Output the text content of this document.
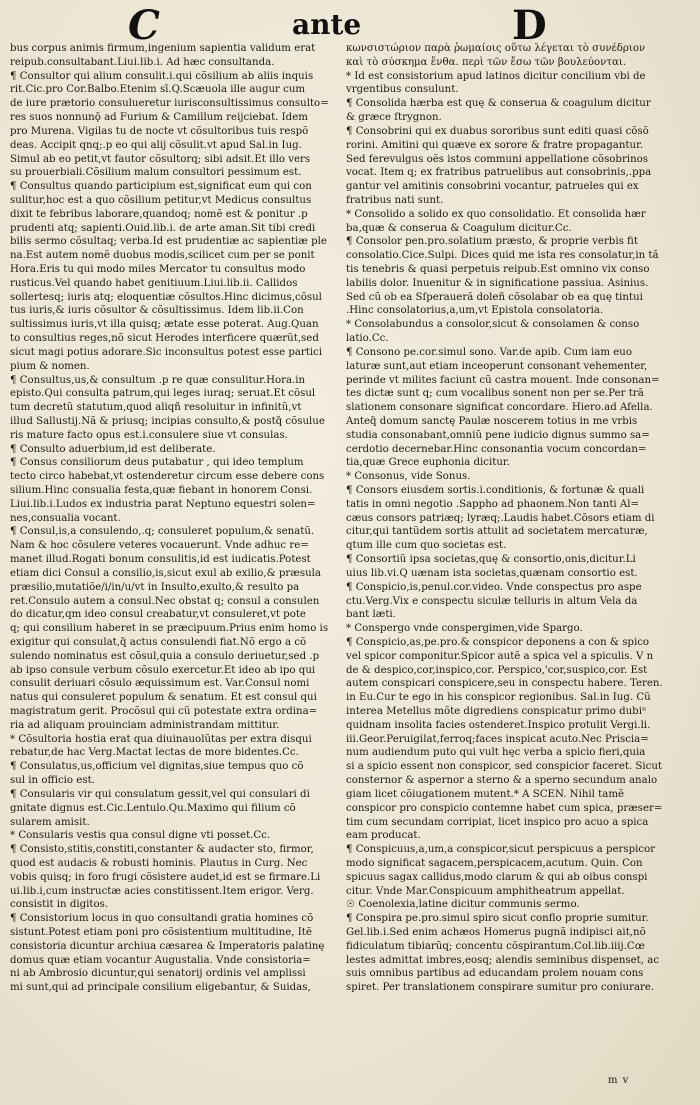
C	ante	D

bus corpus animis firmum,ingenium sapientia validum erat

reipub.consultabant.Liui.lib.i. Ad hæc consultanda.

¶ Consultor qui alium consulit.i.qui cõsilium ab aliis inquis

rit.Cic.pro Cor.Balbo.Etenim sī.Q.Scæuola ille augur cum

de iure prætorio consulueretur iurisconsultissimus consulto=

res suos nonnunǭ ad Furium & Camillum reijciebat. Idem

pro Murena. Vigilas tu de nocte vt cõsultoribus tuis respõ

deas. Accipit qnq;.p eo qui alij cõsulit.vt apud Sal.in Iug.

Simul ab eo petit,vt fautor cõsultorq; sibi adsit.Et illo vers

su prouerbiali.Cõsilium malum consultori pessimum est.

¶ Consultus quando participium est,significat eum qui con

sulitur,hoc est a quo cõsilium petitur,vt Medicus consultus

dixit te febribus laborare,quandoq; nomẽ est & ponitur .p

prudenti atq; sapienti.Ouid.lib.i. de arte aman.Sit tibi credi

bilis sermo cõsultaq; verba.Id est prudentiæ ac sapientiæ ple

na.Est autem nomẽ duobus modis,scilicet cum per se ponit

Hora.Eris tu qui modo miles Mercator tu consultus modo

rusticus.Vel quando habet genitiuum.Liui.lib.ii. Callidos

sollertesq; iuris atq; eloquentiæ cõsultos.Hinc dicimus,cõsul

tus iuris,& iuris cõsultor & cõsultissimus. Idem lib.ii.Con

sultissimus iuris,vt illa quisq; ætate esse poterat. Aug.Quan

to consultius reges,nõ sicut Herodes interficere quærũt,sed

sicut magi potius adorare.Sic inconsultus potest esse partici

pium & nomen.

¶ Consultus,us,& consultum .p re quæ consulitur.Hora.in

episto.Qui consulta patrum,qui leges iuraq; seruat.Et cõsul

tum decretũ statutum,quod aliqñ resoluitur in infinitũ,vt

illud Sallustij.Nã & priusq; incipias consulto,& postq̃ cõsulue

ris mature facto opus est.i.consulere siue vt consulas.

¶ Consulto aduerbium,id est deliberate.

¶ Consus consiliorum deus putabatur , qui ideo templum

tecto circo habebat,vt ostenderetur circum esse debere cons

silium.Hinc consualia festa,quæ fiebant in honorem Consi.

Liui.lib.i.Ludos ex industria parat Neptuno equestri solen=

nes,consualia vocant.

¶ Consul,is,a consulendo,.q; consuleret populum,& senatũ.

Nam & hoc cõsulere veteres vocauerunt. Vnde adhuc re=

manet illud.Rogati bonum consulitis,id est iudicatis.Potest

etiam dici Consul a consilio,is,sicut exul ab exilio,& præsula

præsilio,mutatiõe/i/in/u/vt in Insulto,exulto,& resulto pa

ret.Consulo autem a consul.Nec obstat q; consul a consulen

do dicatur,qm ideo consul creabatur,vt consuleret,vt pote

q; qui consilium haberet in se præcipuum.Prius enim homo is

exigitur qui consulat,q̃ actus consulendi fiat.Nõ ergo a cõ

sulendo nominatus est cõsul,quia a consulo deriuetur,sed .p

ab ipso consule verbum cõsulo exercetur.Et ideo ab ipo qui

consulit deriuari cõsulo æquissimum est. Var.Consul nomi

natus qui consuleret populum & senatum. Et est consul qui

magistratum gerit. Procõsul qui cũ potestate extra ordina=

ria ad aliquam prouinciam administrandam mittitur.

* Cõsultoria hostia erat qua diuinauolũtas per extra disqui

rebatur,de hac Verg.Mactat lectas de more bidentes.Cc.

¶ Consulatus,us,officium vel dignitas,siue tempus quo cõ

sul in officio est.

¶ Consularis vir qui consulatum gessit,vel qui consulari di

gnitate dignus est.Cic.Lentulo.Qu.Maximo qui filium cõ

sularem amisit.

* Consularis vestis qua consul digne vti posset.Cc.

¶ Consisto,stitis,constiti,constanter & audacter sto, firmor,

quod est audacis & robusti hominis. Plautus in Curg. Nec

vobis quisq; in foro frugi cõsistere audet,id est se firmare.Li

ui.lib.i,cum instructæ acies constitissent.Item erigor. Verg.

consistit in digitos.

¶ Consistorium locus in quo consultandi gratia homines cõ

sistunt.Potest etiam poni pro cõsistentium multitudine, Itẽ

consistoria dicuntur archiua cæsarea & Imperatoris palatinę

domus quæ etiam vocantur Augustalia. Vnde consistoria=

ni ab Ambrosio dicuntur,qui senatorij ordinis vel amplissi

mi sunt,qui ad principale consilium eligebantur, & Suidas,

κωνσιστώριον παρὰ ῥωμαίοις οὕτω λέγεται τὸ συνέδριον

καὶ τὸ σύσκημα ἔνθα. περὶ τῶν ἔσω τῶν βουλεύονται.

* Id est consistorium apud latinos dicitur concilium vbi de

vrgentibus consulunt.

¶ Consolida hærba est quę & conserua & coagulum dicitur

& græce ſtrygnon.

¶ Consobrini qui ex duabus sororibus sunt editi quasi cõsõ

rorini. Amitini qui quæve ex sorore & fratre propagantur.

Sed ferevulgus oẽs istos communi appellatione cõsobrinos

vocat. Item q; ex fratribus patruelibus aut consobrinis,.ppa

gantur vel amitinis consobrini vocantur, patrueles qui ex

fratribus nati sunt.

* Consolido a solido ex quo consolidatio. Et consolida hær

ba,quæ & conserua & Coagulum dicitur.Cc.

¶ Consolor pen.pro.solatium præsto, & proprie verbis fit

consolatio.Cice.Sulpi. Dices quid me ista res consolatur,in tã

tis tenebris & quasi perpetuis reipub.Est omnino vix conso

labilis dolor. Inuenitur & in significatione passiua. Asinius.

Sed cũ ob ea Sſperaueră doleñ cõsolabar ob ea quę tintui

.Hinc consolatorius,a,um,vt Epistola consolatoria.

* Consolabundus a consolor,sicut & consolamen & conso

latio.Cc.

¶ Consono pe.cor.simul sono. Var.de apib. Cum iam euo

laturæ sunt,aut etiam inceoperunt consonant vehementer,

perinde vt milites faciunt cũ castra mouent. Inde consonan=

tes dictæ sunt q; cum vocalibus sonent non per se.Per trã

slationem consonare significat concordare. Hiero.ad Afella.

Anteq̃ domum sanctę Paulæ noscerem totius in me vrbis

studia consonabant,omniũ pene iudicio dignus summo sa=

cerdotio decernebar.Hinc consonantia vocum concordan=

tia,quæ Grece euphonia dicitur.

* Consonus, vide Sonus.

¶ Consors eiusdem sortis.i.conditionis, & fortunæ & quali

tatis in omni negotio .Sappho ad phaonem.Non tanti Al=

cæus consors patriæq; lyræq;.Laudis habet.Cõsors etiam di

citur,qui tantũdem sortis attulit ad societatem mercaturæ,

qtum ille cum quo societas est.

¶ Consortiũ ipsa societas,quę & consortio,onis,dicitur.Li

uius lib.vi.Q uænam ista societas,quænam consortio est.

¶ Conspicio,is,penul.cor.video. Vnde conspectus pro aspe

ctu.Verg.Vix e conspectu siculæ telluris in altum Vela da

bant læti.

* Conspergo vnde conspergimen,vide Spargo.

¶ Conspicio,as,pe.pro.& conspicor deponens a con & spico

vel spicor componitur.Spicor autẽ a spica vel a spiculis. V n

de & despico,cor,inspico,cor. Perspico,'cor,suspico,cor. Est

autem conspicari conspicere,seu in conspectu habere. Teren.

in Eu.Cur te ego in his conspicor regionibus. Sal.in Iug. Cũ

interea Metellus mõte digrediens conspicatur primo dubiⁿ

quidnam insolita facies ostenderet.Inspico protulit Vergi.li.

iii.Geor.Peruigilat,ferroq;faces inspicat acuto.Nec Priscia=

num audiendum puto qui vult hęc verba a spicio fieri,quia

si a spicio essent non conspicor, sed conspicior faceret. Sicut

consternor & aspernor a sterno & a sperno secundum analo

giam licet cõiugationem mutent.* A SCEN. Nihil tamẽ

conspicor pro conspicio contemne habet cum spica, præser=

tim cum secundam corripiat, licet inspico pro acuo a spica

eam producat.

¶ Conspicuus,a,um,a conspicor,sicut perspicuus a perspicor

modo significat sagacem,perspicacem,acutum. Quin. Con

spicuus sagax callidus,modo clarum & qui ab oibus conspi

citur. Vnde Mar.Conspicuum amphitheatrum appellat.

☉ Coenolexia,latine dicitur communis sermo.

¶ Conspira pe.pro.simul spiro sicut conflo proprie sumitur.

Gel.lib.i.Sed enim achæos Homerus pugnã indipisci ait,nõ

fidiculatum tibiarũq; concentu cõspirantum.Col.lib.iiij.Cœ

lestes admittat imbres,eosq; alendis seminibus dispenset, ac

suis omnibus partibus ad educandam prolem nouam cons

spiret. Per translationem conspirare sumitur pro coniurare.

m v
